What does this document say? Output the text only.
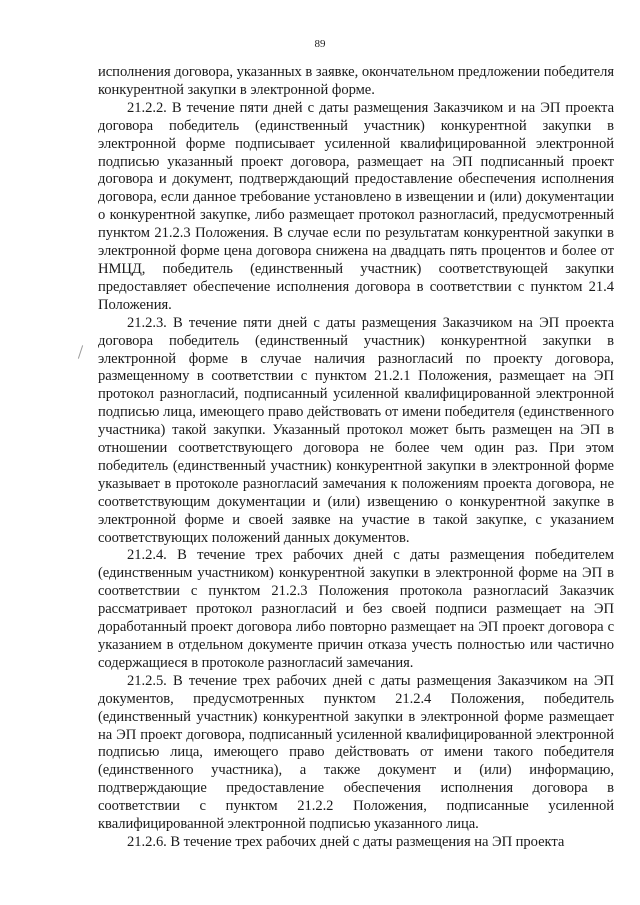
89

исполнения договора, указанных в заявке, окончательном предложении победителя конкурентной закупки в электронной форме.

21.2.2. В течение пяти дней с даты размещения Заказчиком и на ЭП проекта договора победитель (единственный участник) конкурентной закупки в электронной форме подписывает усиленной квалифицированной электронной подписью указанный проект договора, размещает на ЭП подписанный проект договора и документ, подтверждающий предоставление обеспечения исполнения договора, если данное требование установлено в извещении и (или) документации о конкурентной закупке, либо размещает протокол разногласий, предусмотренный пунктом 21.2.3 Положения. В случае если по результатам конкурентной закупки в электронной форме цена договора снижена на двадцать пять процентов и более от НМЦД, победитель (единственный участник) соответствующей закупки предоставляет обеспечение исполнения договора в соответствии с пунктом 21.4 Положения.

21.2.3. В течение пяти дней с даты размещения Заказчиком на ЭП проекта договора победитель (единственный участник) конкурентной закупки в электронной форме в случае наличия разногласий по проекту договора, размещенному в соответствии с пунктом 21.2.1 Положения, размещает на ЭП протокол разногласий, подписанный усиленной квалифицированной электронной подписью лица, имеющего право действовать от имени победителя (единственного участника) такой закупки. Указанный протокол может быть размещен на ЭП в отношении соответствующего договора не более чем один раз. При этом победитель (единственный участник) конкурентной закупки в электронной форме указывает в протоколе разногласий замечания к положениям проекта договора, не соответствующим документации и (или) извещению о конкурентной закупке в электронной форме и своей заявке на участие в такой закупке, с указанием соответствующих положений данных документов.

21.2.4. В течение трех рабочих дней с даты размещения победителем (единственным участником) конкурентной закупки в электронной форме на ЭП в соответствии с пунктом 21.2.3 Положения протокола разногласий Заказчик рассматривает протокол разногласий и без своей подписи размещает на ЭП доработанный проект договора либо повторно размещает на ЭП проект договора с указанием в отдельном документе причин отказа учесть полностью или частично содержащиеся в протоколе разногласий замечания.

21.2.5. В течение трех рабочих дней с даты размещения Заказчиком на ЭП документов, предусмотренных пунктом 21.2.4 Положения, победитель (единственный участник) конкурентной закупки в электронной форме размещает на ЭП проект договора, подписанный усиленной квалифицированной электронной подписью лица, имеющего право действовать от имени такого победителя (единственного участника), а также документ и (или) информацию, подтверждающие предоставление обеспечения исполнения договора в соответствии с пунктом 21.2.2 Положения, подписанные усиленной квалифицированной электронной подписью указанного лица.

21.2.6. В течение трех рабочих дней с даты размещения на ЭП проекта
